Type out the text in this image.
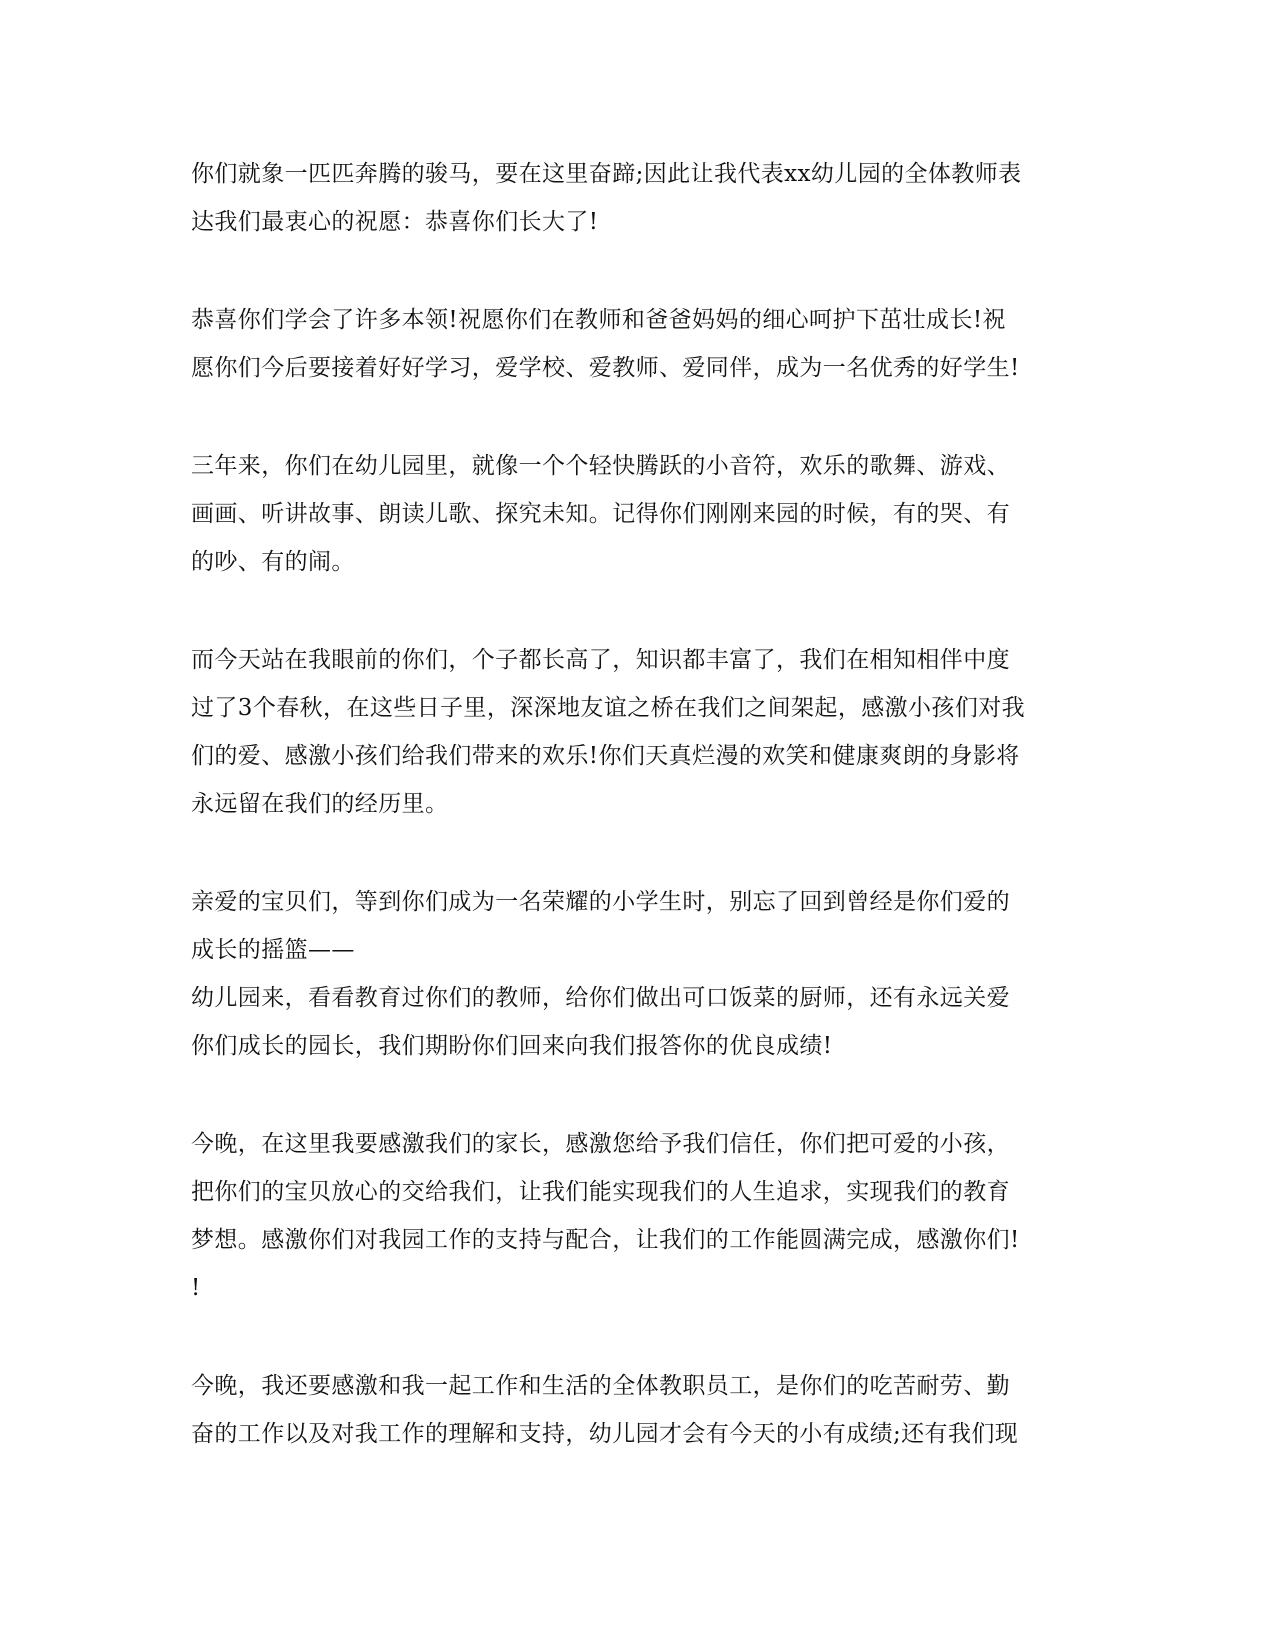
你们就象一匹匹奔腾的骏马，要在这里奋蹄;因此让我代表xx幼儿园的全体教师表
达我们最衷心的祝愿：恭喜你们长大了!

恭喜你们学会了许多本领!祝愿你们在教师和爸爸妈妈的细心呵护下茁壮成长!祝
愿你们今后要接着好好学习，爱学校、爱教师、爱同伴，成为一名优秀的好学生!

三年来，你们在幼儿园里，就像一个个轻快腾跃的小音符，欢乐的歌舞、游戏、
画画、听讲故事、朗读儿歌、探究未知。记得你们刚刚来园的时候，有的哭、有
的吵、有的闹。

而今天站在我眼前的你们，个子都长高了，知识都丰富了，我们在相知相伴中度
过了3个春秋，在这些日子里，深深地友谊之桥在我们之间架起，感激小孩们对我
们的爱、感激小孩们给我们带来的欢乐!你们天真烂漫的欢笑和健康爽朗的身影将
永远留在我们的经历里。

亲爱的宝贝们，等到你们成为一名荣耀的小学生时，别忘了回到曾经是你们爱的
成长的摇篮——
幼儿园来，看看教育过你们的教师，给你们做出可口饭菜的厨师，还有永远关爱
你们成长的园长，我们期盼你们回来向我们报答你的优良成绩!

今晚，在这里我要感激我们的家长，感激您给予我们信任，你们把可爱的小孩，
把你们的宝贝放心的交给我们，让我们能实现我们的人生追求，实现我们的教育
梦想。感激你们对我园工作的支持与配合，让我们的工作能圆满完成，感激你们!
!

今晚，我还要感激和我一起工作和生活的全体教职员工，是你们的吃苦耐劳、勤
奋的工作以及对我工作的理解和支持，幼儿园才会有今天的小有成绩;还有我们现
